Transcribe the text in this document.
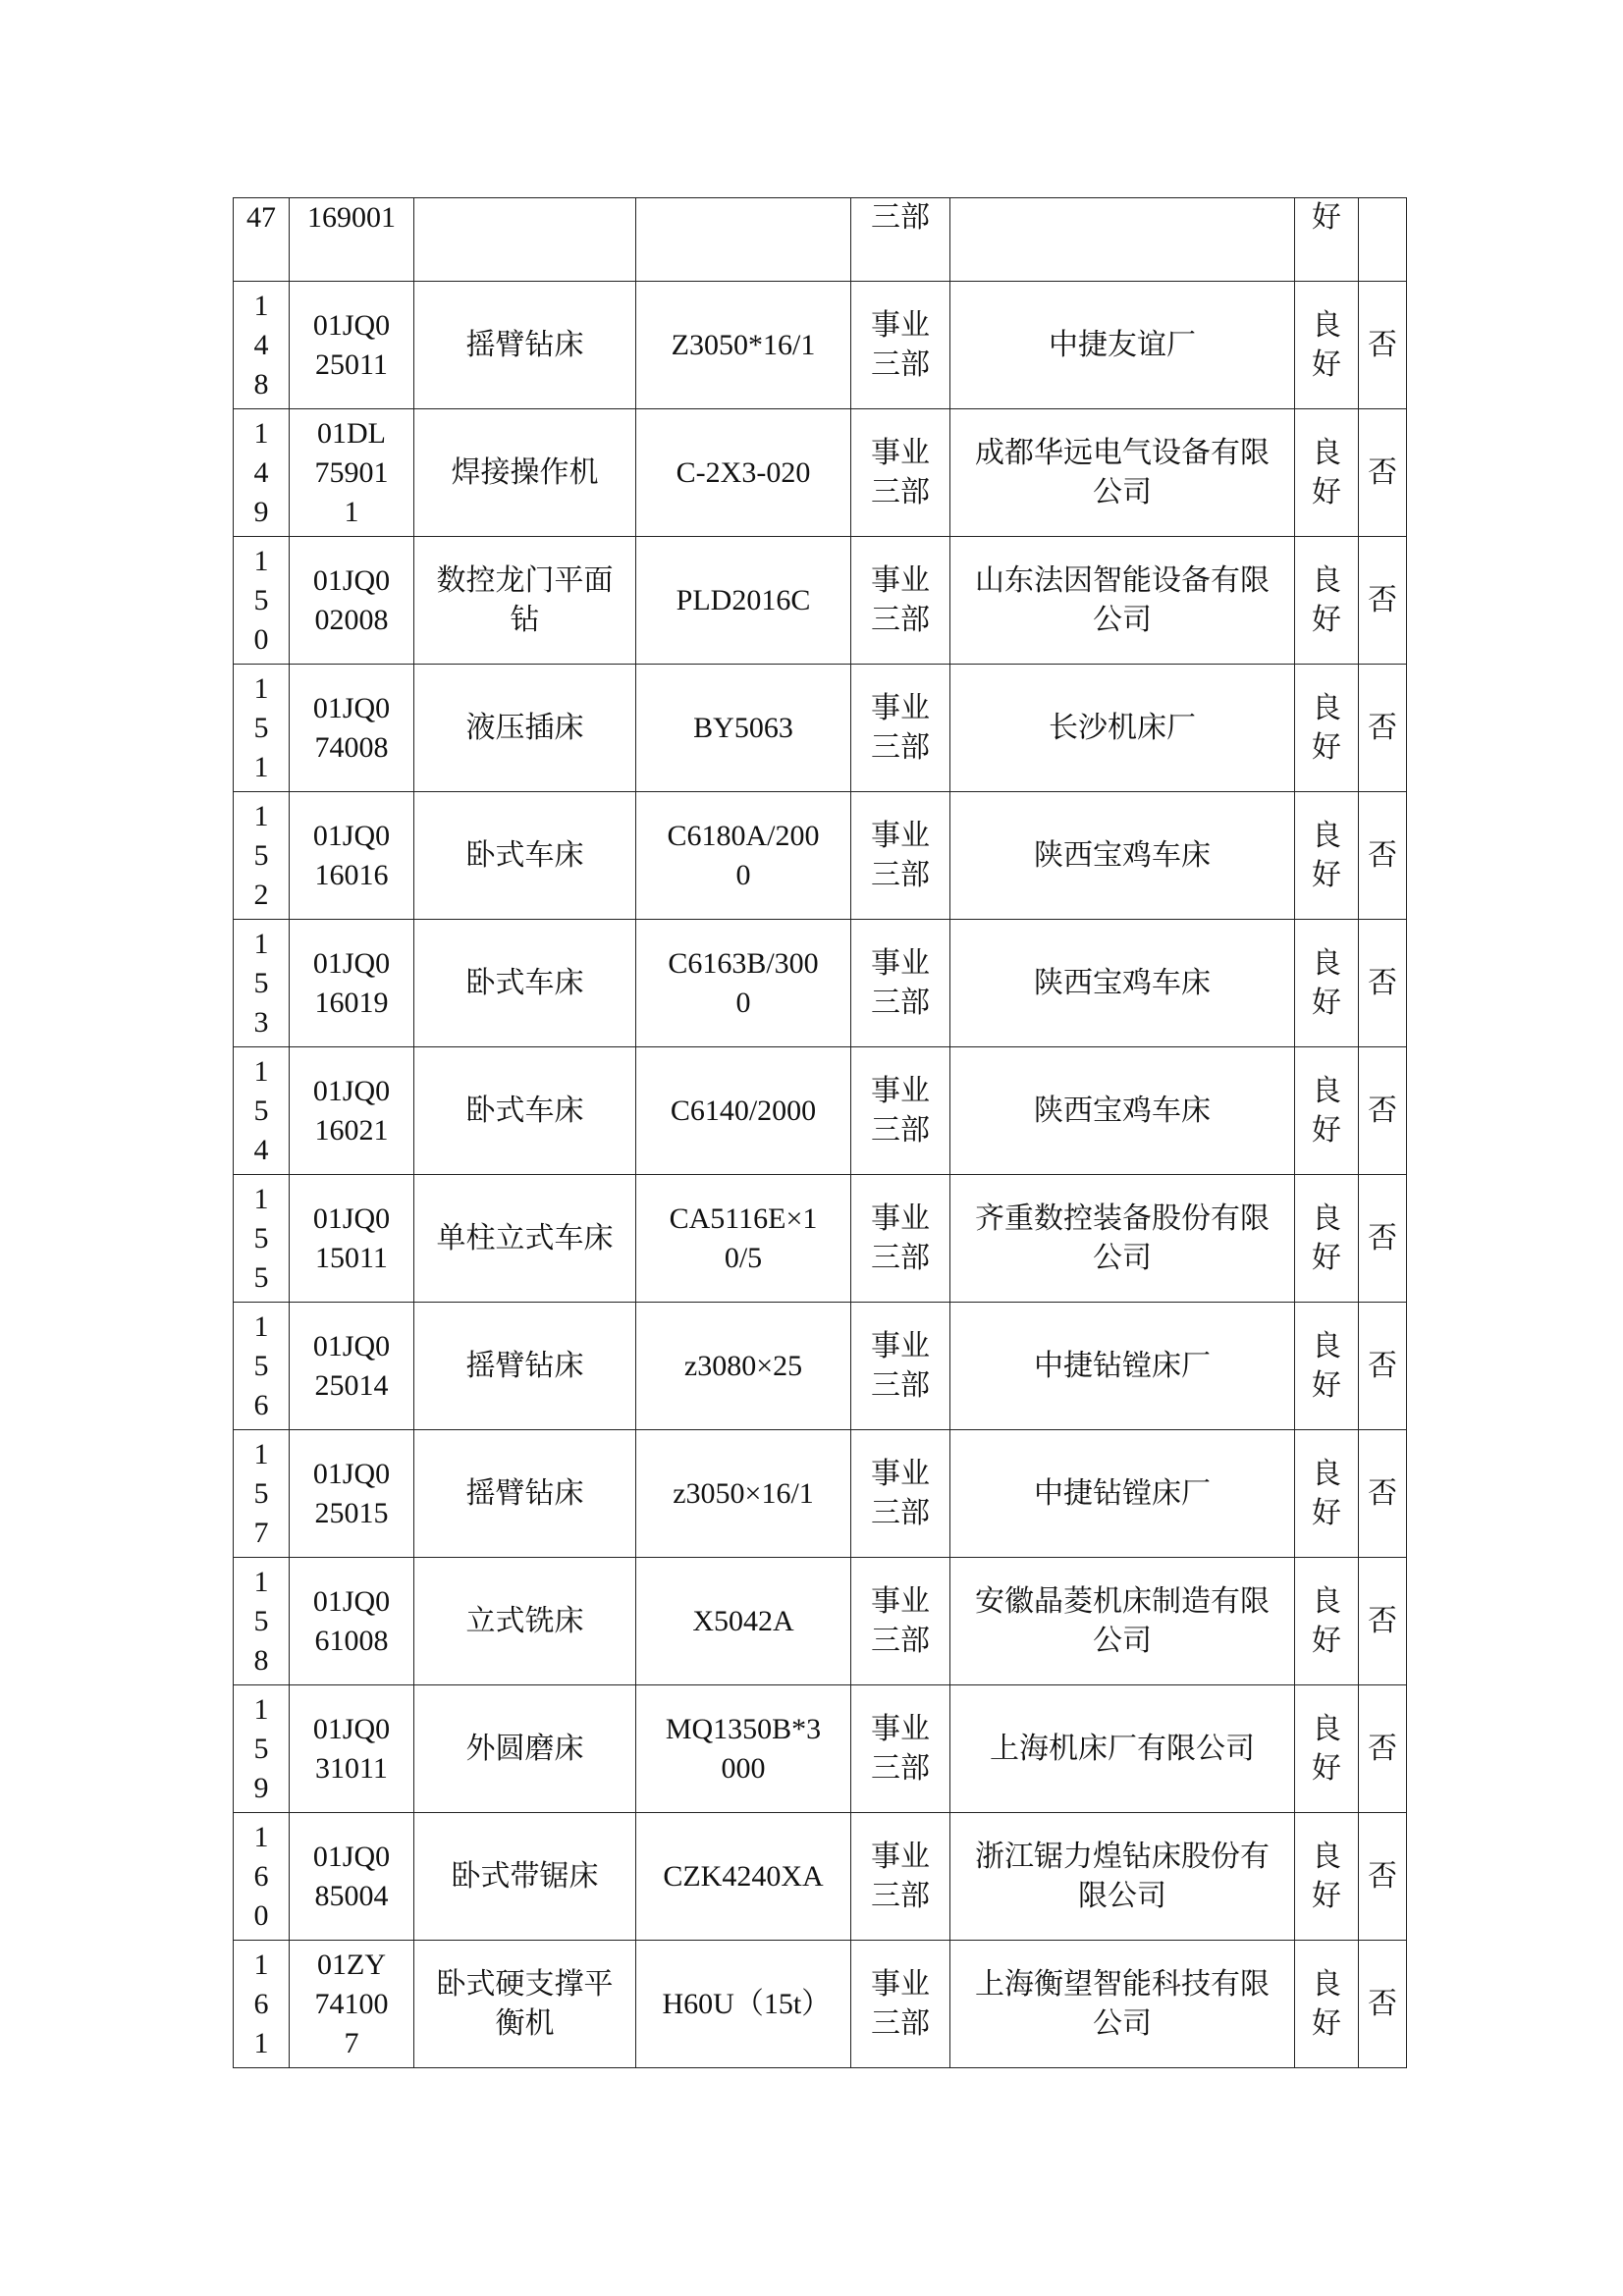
47	169001			三部		好	

148	01JQ025011	摇臂钻床	Z3050*16/1	事业三部	中捷友谊厂	良好	否

149	01DL759011	焊接操作机	C-2X3-020	事业三部	成都华远电气设备有限公司	良好	否

150	01JQ002008	数控龙门平面钻	PLD2016C	事业三部	山东法因智能设备有限公司	良好	否

151	01JQ074008	液压插床	BY5063	事业三部	长沙机床厂	良好	否

152	01JQ016016	卧式车床	C6180A/2000	事业三部	陕西宝鸡车床	良好	否

153	01JQ016019	卧式车床	C6163B/3000	事业三部	陕西宝鸡车床	良好	否

154	01JQ016021	卧式车床	C6140/2000	事业三部	陕西宝鸡车床	良好	否

155	01JQ015011	单柱立式车床	CA5116E×10/5	事业三部	齐重数控装备股份有限公司	良好	否

156	01JQ025014	摇臂钻床	z3080×25	事业三部	中捷钻镗床厂	良好	否

157	01JQ025015	摇臂钻床	z3050×16/1	事业三部	中捷钻镗床厂	良好	否

158	01JQ061008	立式铣床	X5042A	事业三部	安徽晶菱机床制造有限公司	良好	否

159	01JQ031011	外圆磨床	MQ1350B*3000	事业三部	上海机床厂有限公司	良好	否

160	01JQ085004	卧式带锯床	CZK4240XA	事业三部	浙江锯力煌钻床股份有限公司	良好	否

161	01ZY741007	卧式硬支撑平衡机	H60U（15t）	事业三部	上海衡望智能科技有限公司	良好	否
